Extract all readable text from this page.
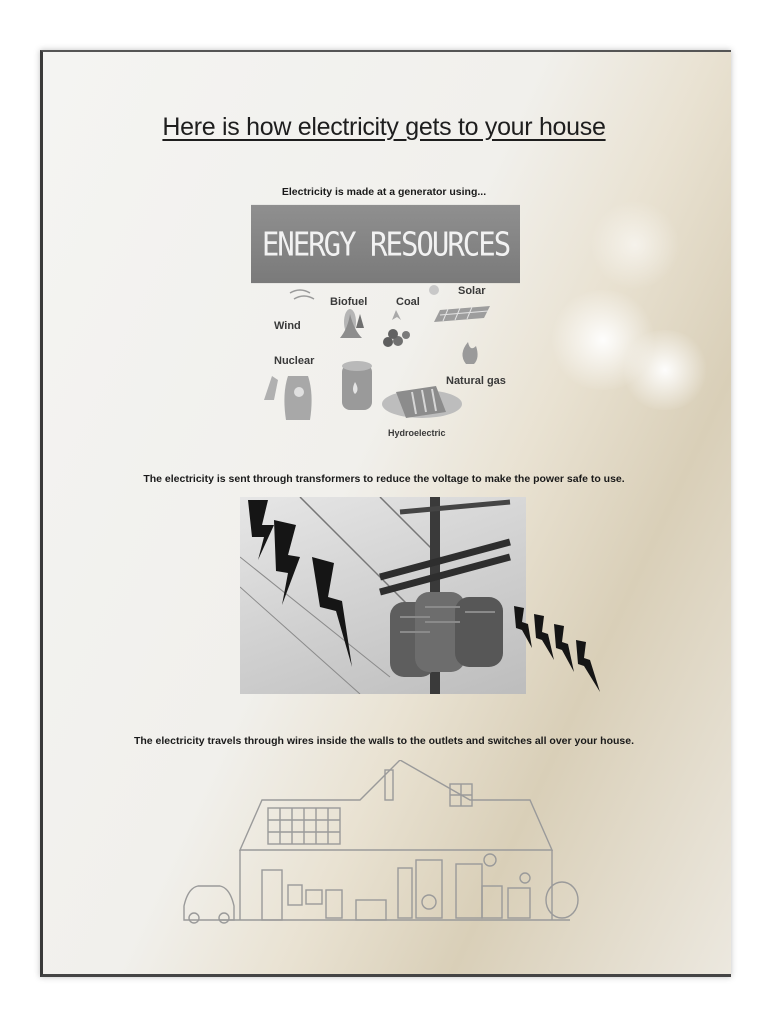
Here is how electricity gets to your house
Electricity is made at a generator using...
ENERGY RESOURCES
Biofuel	Coal
Solar
Wind
Nuclear
Natural gas
Hydroelectric
The electricity is sent through transformers to reduce the voltage to make the power safe to use.
The electricity travels through wires inside the walls to the outlets and switches all over your house.
